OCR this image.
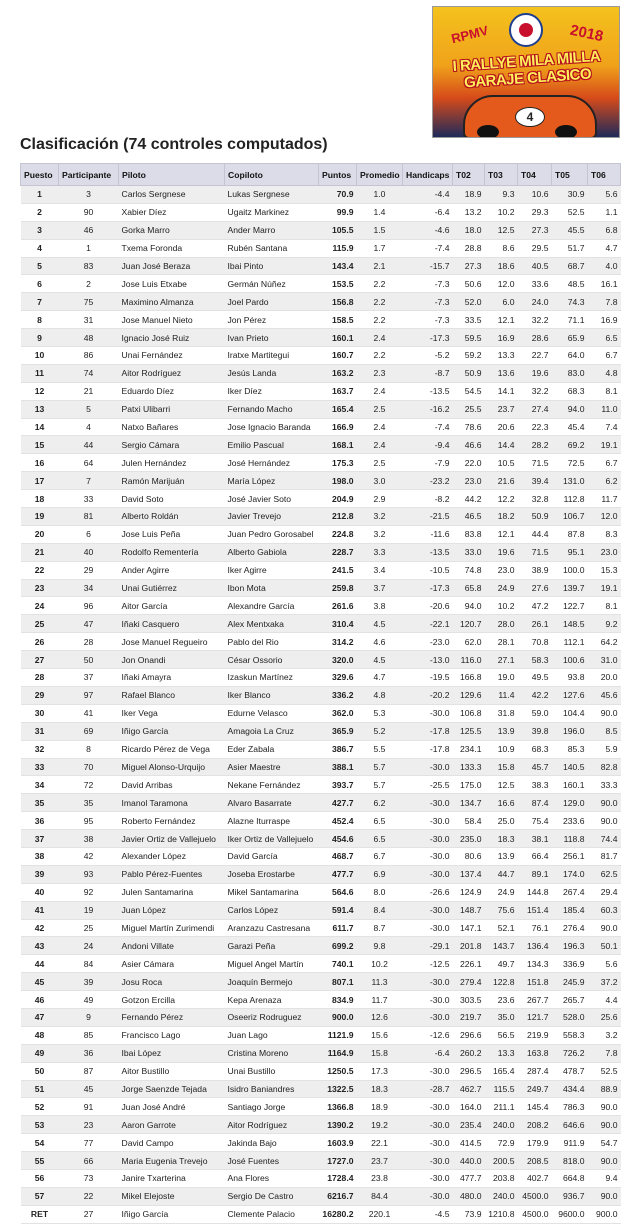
RPMV	2018
I RALLYE MILA MILLA GARAJE CLASICO
4
Clasificación (74 controles computados)
Puesto	Participante	Piloto	Copiloto	Puntos	Promedio	Handicaps	T02	T03	T04	T05	T06
1	3	Carlos Sergnese	Lukas Sergnese	70.9	1.0	-4.4	18.9	9.3	10.6	30.9	5.6
2	90	Xabier Díez	Ugaitz Markinez	99.9	1.4	-6.4	13.2	10.2	29.3	52.5	1.1
3	46	Gorka Marro	Ander Marro	105.5	1.5	-4.6	18.0	12.5	27.3	45.5	6.8
4	1	Txema Foronda	Rubén Santana	115.9	1.7	-7.4	28.8	8.6	29.5	51.7	4.7
5	83	Juan José Beraza	Ibai Pinto	143.4	2.1	-15.7	27.3	18.6	40.5	68.7	4.0
6	2	Jose Luis Etxabe	Germán Núñez	153.5	2.2	-7.3	50.6	12.0	33.6	48.5	16.1
7	75	Maximino Almanza	Joel Pardo	156.8	2.2	-7.3	52.0	6.0	24.0	74.3	7.8
8	31	Jose Manuel Nieto	Jon Pérez	158.5	2.2	-7.3	33.5	12.1	32.2	71.1	16.9
9	48	Ignacio José Ruiz	Ivan Prieto	160.1	2.4	-17.3	59.5	16.9	28.6	65.9	6.5
10	86	Unai Fernández	Iratxe Martitegui	160.7	2.2	-5.2	59.2	13.3	22.7	64.0	6.7
11	74	Aitor Rodríguez	Jesús Landa	163.2	2.3	-8.7	50.9	13.6	19.6	83.0	4.8
12	21	Eduardo Díez	Iker Díez	163.7	2.4	-13.5	54.5	14.1	32.2	68.3	8.1
13	5	Patxi Ulibarri	Fernando Macho	165.4	2.5	-16.2	25.5	23.7	27.4	94.0	11.0
14	4	Natxo Bañares	Jose Ignacio Baranda	166.9	2.4	-7.4	78.6	20.6	22.3	45.4	7.4
15	44	Sergio Cámara	Emilio Pascual	168.1	2.4	-9.4	46.6	14.4	28.2	69.2	19.1
16	64	Julen Hernández	José Hernández	175.3	2.5	-7.9	22.0	10.5	71.5	72.5	6.7
17	7	Ramón Marijuán	María López	198.0	3.0	-23.2	23.0	21.6	39.4	131.0	6.2
18	33	David Soto	José Javier Soto	204.9	2.9	-8.2	44.2	12.2	32.8	112.8	11.7
19	81	Alberto Roldán	Javier Trevejo	212.8	3.2	-21.5	46.5	18.2	50.9	106.7	12.0
20	6	Jose Luis Peña	Juan Pedro Gorosabel	224.8	3.2	-11.6	83.8	12.1	44.4	87.8	8.3
21	40	Rodolfo Rementería	Alberto Gabiola	228.7	3.3	-13.5	33.0	19.6	71.5	95.1	23.0
22	29	Ander Agirre	Iker Agirre	241.5	3.4	-10.5	74.8	23.0	38.9	100.0	15.3
23	34	Unai Gutiérrez	Ibon Mota	259.8	3.7	-17.3	65.8	24.9	27.6	139.7	19.1
24	96	Aitor García	Alexandre García	261.6	3.8	-20.6	94.0	10.2	47.2	122.7	8.1
25	47	Iñaki Casquero	Alex Mentxaka	310.4	4.5	-22.1	120.7	28.0	26.1	148.5	9.2
26	28	Jose Manuel Regueiro	Pablo del Rio	314.2	4.6	-23.0	62.0	28.1	70.8	112.1	64.2
27	50	Jon Onandi	César Ossorio	320.0	4.5	-13.0	116.0	27.1	58.3	100.6	31.0
28	37	Iñaki Amayra	Izaskun Martínez	329.6	4.7	-19.5	166.8	19.0	49.5	93.8	20.0
29	97	Rafael Blanco	Iker Blanco	336.2	4.8	-20.2	129.6	11.4	42.2	127.6	45.6
30	41	Iker Vega	Edurne Velasco	362.0	5.3	-30.0	106.8	31.8	59.0	104.4	90.0
31	69	Iñigo García	Amagoia La Cruz	365.9	5.2	-17.8	125.5	13.9	39.8	196.0	8.5
32	8	Ricardo Pérez de Vega	Eder Zabala	386.7	5.5	-17.8	234.1	10.9	68.3	85.3	5.9
33	70	Miguel Alonso-Urquijo	Asier Maestre	388.1	5.7	-30.0	133.3	15.8	45.7	140.5	82.8
34	72	David Arribas	Nekane Fernández	393.7	5.7	-25.5	175.0	12.5	38.3	160.1	33.3
35	35	Imanol Taramona	Alvaro Basarrate	427.7	6.2	-30.0	134.7	16.6	87.4	129.0	90.0
36	95	Roberto Fernández	Alazne Iturraspe	452.4	6.5	-30.0	58.4	25.0	75.4	233.6	90.0
37	38	Javier Ortiz de Vallejuelo	Iker Ortiz de Vallejuelo	454.6	6.5	-30.0	235.0	18.3	38.1	118.8	74.4
38	42	Alexander López	David García	468.7	6.7	-30.0	80.6	13.9	66.4	256.1	81.7
39	93	Pablo Pérez-Fuentes	Joseba Erostarbe	477.7	6.9	-30.0	137.4	44.7	89.1	174.0	62.5
40	92	Julen Santamarina	Mikel Santamarina	564.6	8.0	-26.6	124.9	24.9	144.8	267.4	29.4
41	19	Juan López	Carlos López	591.4	8.4	-30.0	148.7	75.6	151.4	185.4	60.3
42	25	Miguel Martín Zurimendi	Aranzazu Castresana	611.7	8.7	-30.0	147.1	52.1	76.1	276.4	90.0
43	24	Andoni Villate	Garazi Peña	699.2	9.8	-29.1	201.8	143.7	136.4	196.3	50.1
44	84	Asier Cámara	Miguel Angel Martín	740.1	10.2	-12.5	226.1	49.7	134.3	336.9	5.6
45	39	Josu Roca	Joaquín Bermejo	807.1	11.3	-30.0	279.4	122.8	151.8	245.9	37.2
46	49	Gotzon Ercilla	Kepa Arenaza	834.9	11.7	-30.0	303.5	23.6	267.7	265.7	4.4
47	9	Fernando Pérez	Oseeriz Rodruguez	900.0	12.6	-30.0	219.7	35.0	121.7	528.0	25.6
48	85	Francisco Lago	Juan Lago	1121.9	15.6	-12.6	296.6	56.5	219.9	558.3	3.2
49	36	Ibai López	Cristina Moreno	1164.9	15.8	-6.4	260.2	13.3	163.8	726.2	7.8
50	87	Aitor Bustillo	Unai Bustillo	1250.5	17.3	-30.0	296.5	165.4	287.4	478.7	52.5
51	45	Jorge Saenzde Tejada	Isidro Baniandres	1322.5	18.3	-28.7	462.7	115.5	249.7	434.4	88.9
52	91	Juan José André	Santiago Jorge	1366.8	18.9	-30.0	164.0	211.1	145.4	786.3	90.0
53	23	Aaron Garrote	Aitor Rodríguez	1390.2	19.2	-30.0	235.4	240.0	208.2	646.6	90.0
54	77	David Campo	Jakinda Bajo	1603.9	22.1	-30.0	414.5	72.9	179.9	911.9	54.7
55	66	Maria Eugenia Trevejo	José Fuentes	1727.0	23.7	-30.0	440.0	200.5	208.5	818.0	90.0
56	73	Janire Txarterina	Ana Flores	1728.4	23.8	-30.0	477.7	203.8	402.7	664.8	9.4
57	22	Mikel Elejoste	Sergio De Castro	6216.7	84.4	-30.0	480.0	240.0	4500.0	936.7	90.0
RET	27	Iñigo García	Clemente Palacio	16280.2	220.1	-4.5	73.9	1210.8	4500.0	9600.0	900.0
